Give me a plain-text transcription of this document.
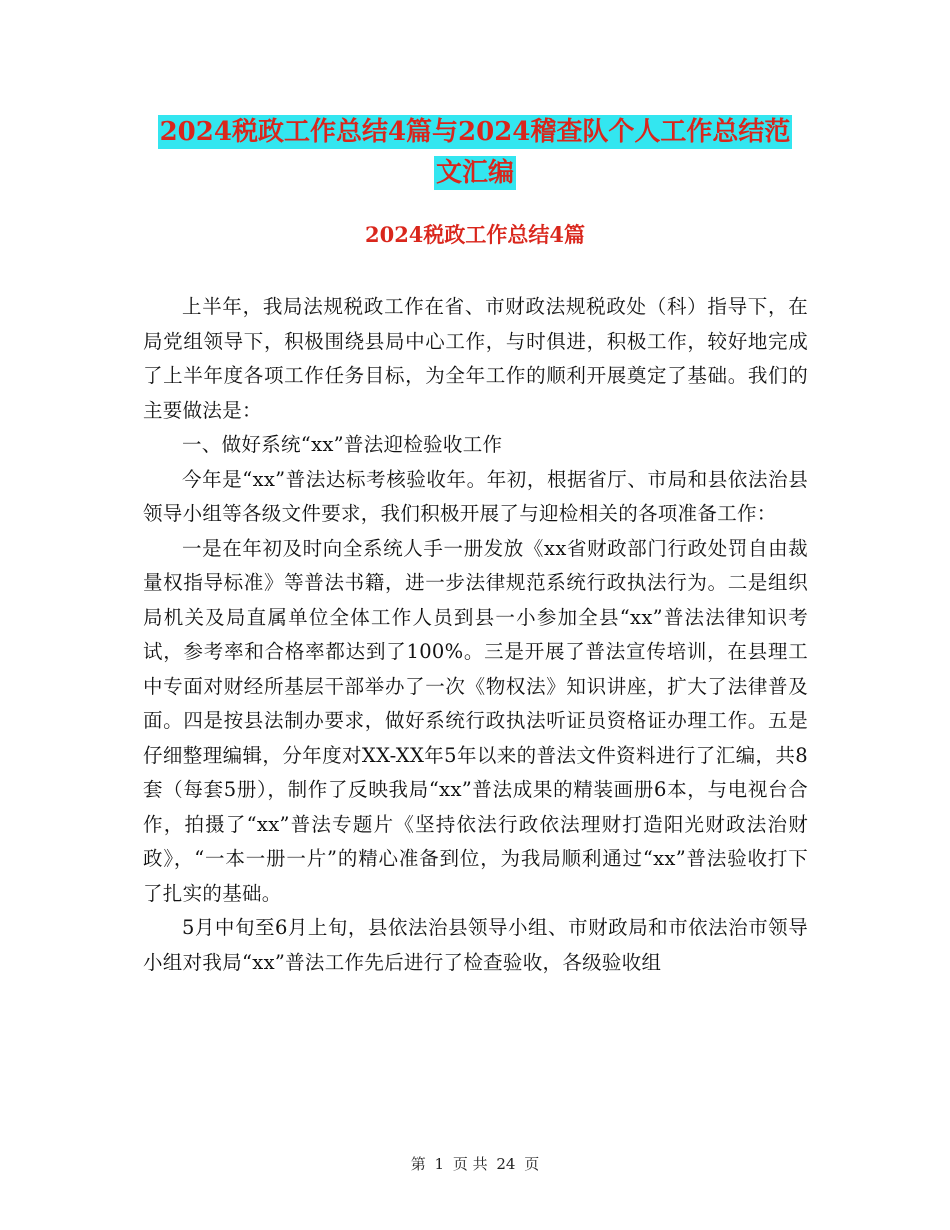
2024税政工作总结4篇与2024稽查队个人工作总结范
文汇编
2024税政工作总结4篇

上半年，我局法规税政工作在省、市财政法规税政处（科）指导下，在局党组领导下，积极围绕县局中心工作，与时俱进，积极工作，较好地完成了上半年度各项工作任务目标，为全年工作的顺利开展奠定了基础。我们的主要做法是：

一、做好系统“xx”普法迎检验收工作

今年是“xx”普法达标考核验收年。年初，根据省厅、市局和县依法治县领导小组等各级文件要求，我们积极开展了与迎检相关的各项准备工作：

一是在年初及时向全系统人手一册发放《xx省财政部门行政处罚自由裁量权指导标准》等普法书籍，进一步法律规范系统行政执法行为。二是组织局机关及局直属单位全体工作人员到县一小参加全县“xx”普法法律知识考试，参考率和合格率都达到了100%。三是开展了普法宣传培训，在县理工中专面对财经所基层干部举办了一次《物权法》知识讲座，扩大了法律普及面。四是按县法制办要求，做好系统行政执法听证员资格证办理工作。五是仔细整理编辑，分年度对XX-XX年5年以来的普法文件资料进行了汇编，共8套（每套5册），制作了反映我局“xx”普法成果的精装画册6本，与电视台合作，拍摄了“xx”普法专题片《坚持依法行政依法理财打造阳光财政法治财政》，“一本一册一片”的精心准备到位，为我局顺利通过“xx”普法验收打下了扎实的基础。

5月中旬至6月上旬，县依法治县领导小组、市财政局和市依法治市领导小组对我局“xx”普法工作先后进行了检查验收，各级验收组

第 1 页 共 24 页
